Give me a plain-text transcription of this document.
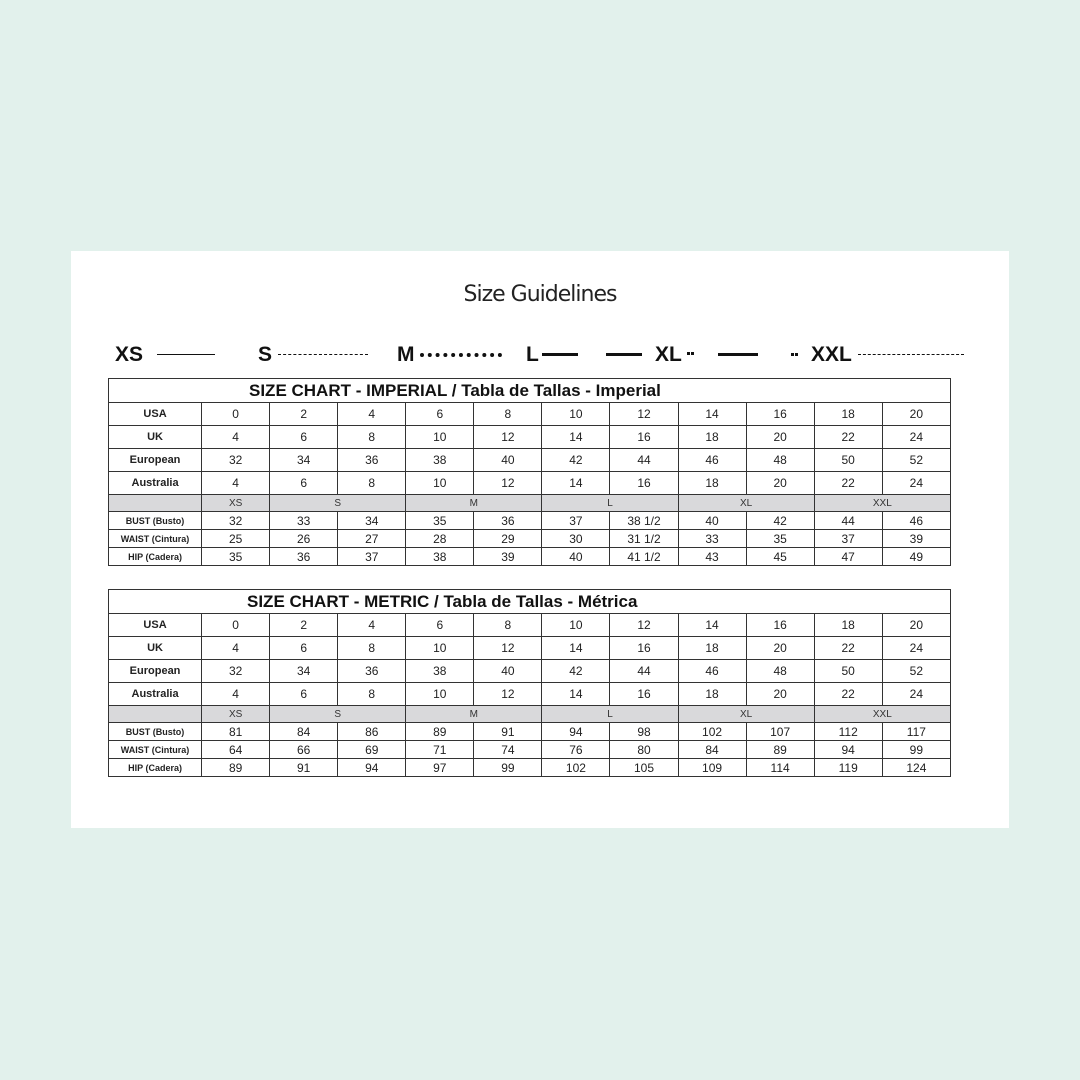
Size Guidelines
XS	S	M	L	XL	XXL
SIZE CHART - IMPERIAL / Tabla de Tallas - Imperial											
USA	0	2	4	6	8	10	12	14	16	18	20
UK	4	6	8	10	12	14	16	18	20	22	24
European	32	34	36	38	40	42	44	46	48	50	52
Australia	4	6	8	10	12	14	16	18	20	22	24
	XS	S		M		L		XL		XXL	
BUST (Busto)	32	33	34	35	36	37	38 1/2	40	42	44	46
WAIST (Cintura)	25	26	27	28	29	30	31 1/2	33	35	37	39
HIP (Cadera)	35	36	37	38	39	40	41 1/2	43	45	47	49
SIZE CHART - METRIC / Tabla de Tallas - Métrica											
USA	0	2	4	6	8	10	12	14	16	18	20
UK	4	6	8	10	12	14	16	18	20	22	24
European	32	34	36	38	40	42	44	46	48	50	52
Australia	4	6	8	10	12	14	16	18	20	22	24
	XS	S		M		L		XL		XXL	
BUST (Busto)	81	84	86	89	91	94	98	102	107	112	117
WAIST (Cintura)	64	66	69	71	74	76	80	84	89	94	99
HIP (Cadera)	89	91	94	97	99	102	105	109	114	119	124
